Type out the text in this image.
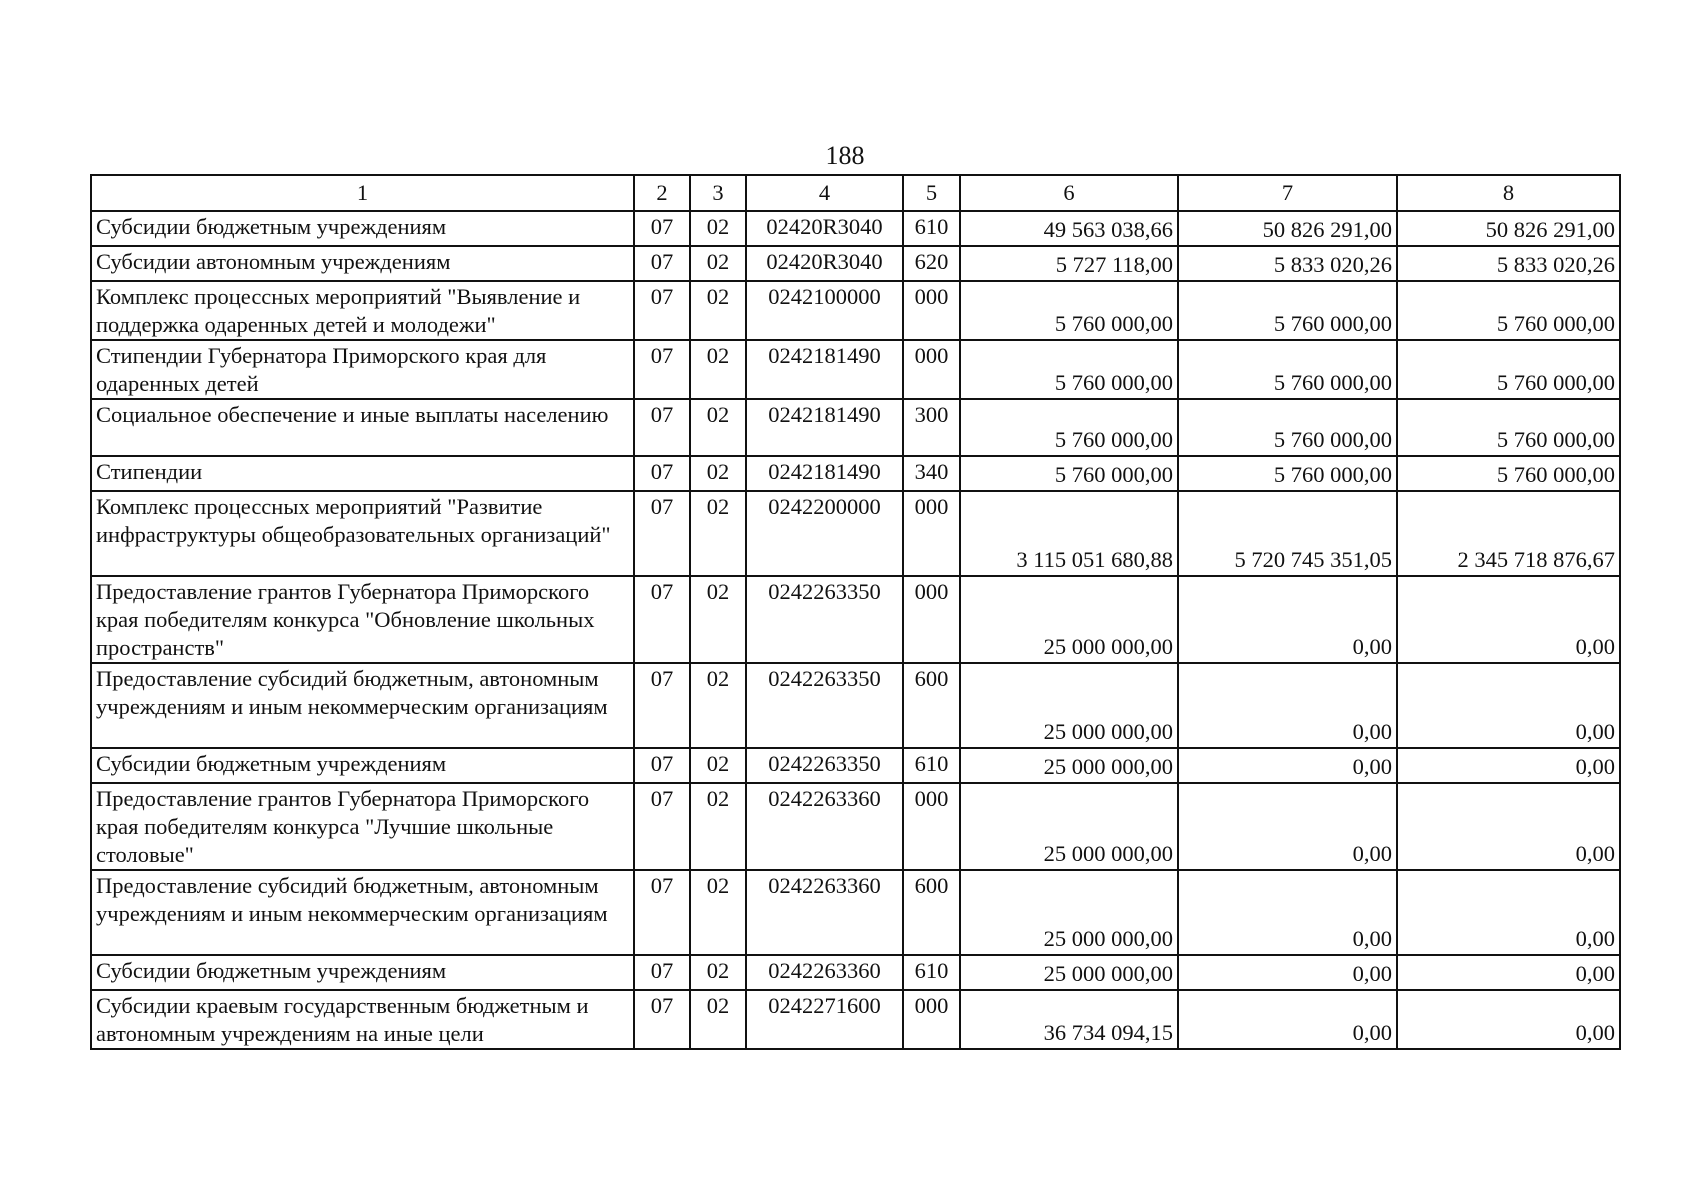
188
1	2	3	4	5	6	7	8
Субсидии бюджетным учреждениям	07	02	02420R3040	610	49 563 038,66	50 826 291,00	50 826 291,00
Субсидии автономным учреждениям	07	02	02420R3040	620	5 727 118,00	5 833 020,26	5 833 020,26
Комплекс процессных мероприятий "Выявление и поддержка одаренных детей и молодежи"	07	02	0242100000	000	5 760 000,00	5 760 000,00	5 760 000,00
Стипендии Губернатора Приморского края для одаренных детей	07	02	0242181490	000	5 760 000,00	5 760 000,00	5 760 000,00
Социальное обеспечение и иные выплаты населению	07	02	0242181490	300	5 760 000,00	5 760 000,00	5 760 000,00
Стипендии	07	02	0242181490	340	5 760 000,00	5 760 000,00	5 760 000,00
Комплекс процессных мероприятий "Развитие инфраструктуры общеобразовательных организаций"	07	02	0242200000	000	3 115 051 680,88	5 720 745 351,05	2 345 718 876,67
Предоставление грантов Губернатора Приморского края победителям конкурса "Обновление школьных пространств"	07	02	0242263350	000	25 000 000,00	0,00	0,00
Предоставление субсидий бюджетным, автономным учреждениям и иным некоммерческим организациям	07	02	0242263350	600	25 000 000,00	0,00	0,00
Субсидии бюджетным учреждениям	07	02	0242263350	610	25 000 000,00	0,00	0,00
Предоставление грантов Губернатора Приморского края победителям конкурса "Лучшие школьные столовые"	07	02	0242263360	000	25 000 000,00	0,00	0,00
Предоставление субсидий бюджетным, автономным учреждениям и иным некоммерческим организациям	07	02	0242263360	600	25 000 000,00	0,00	0,00
Субсидии бюджетным учреждениям	07	02	0242263360	610	25 000 000,00	0,00	0,00
Субсидии краевым государственным бюджетным и автономным учреждениям на иные цели	07	02	0242271600	000	36 734 094,15	0,00	0,00
